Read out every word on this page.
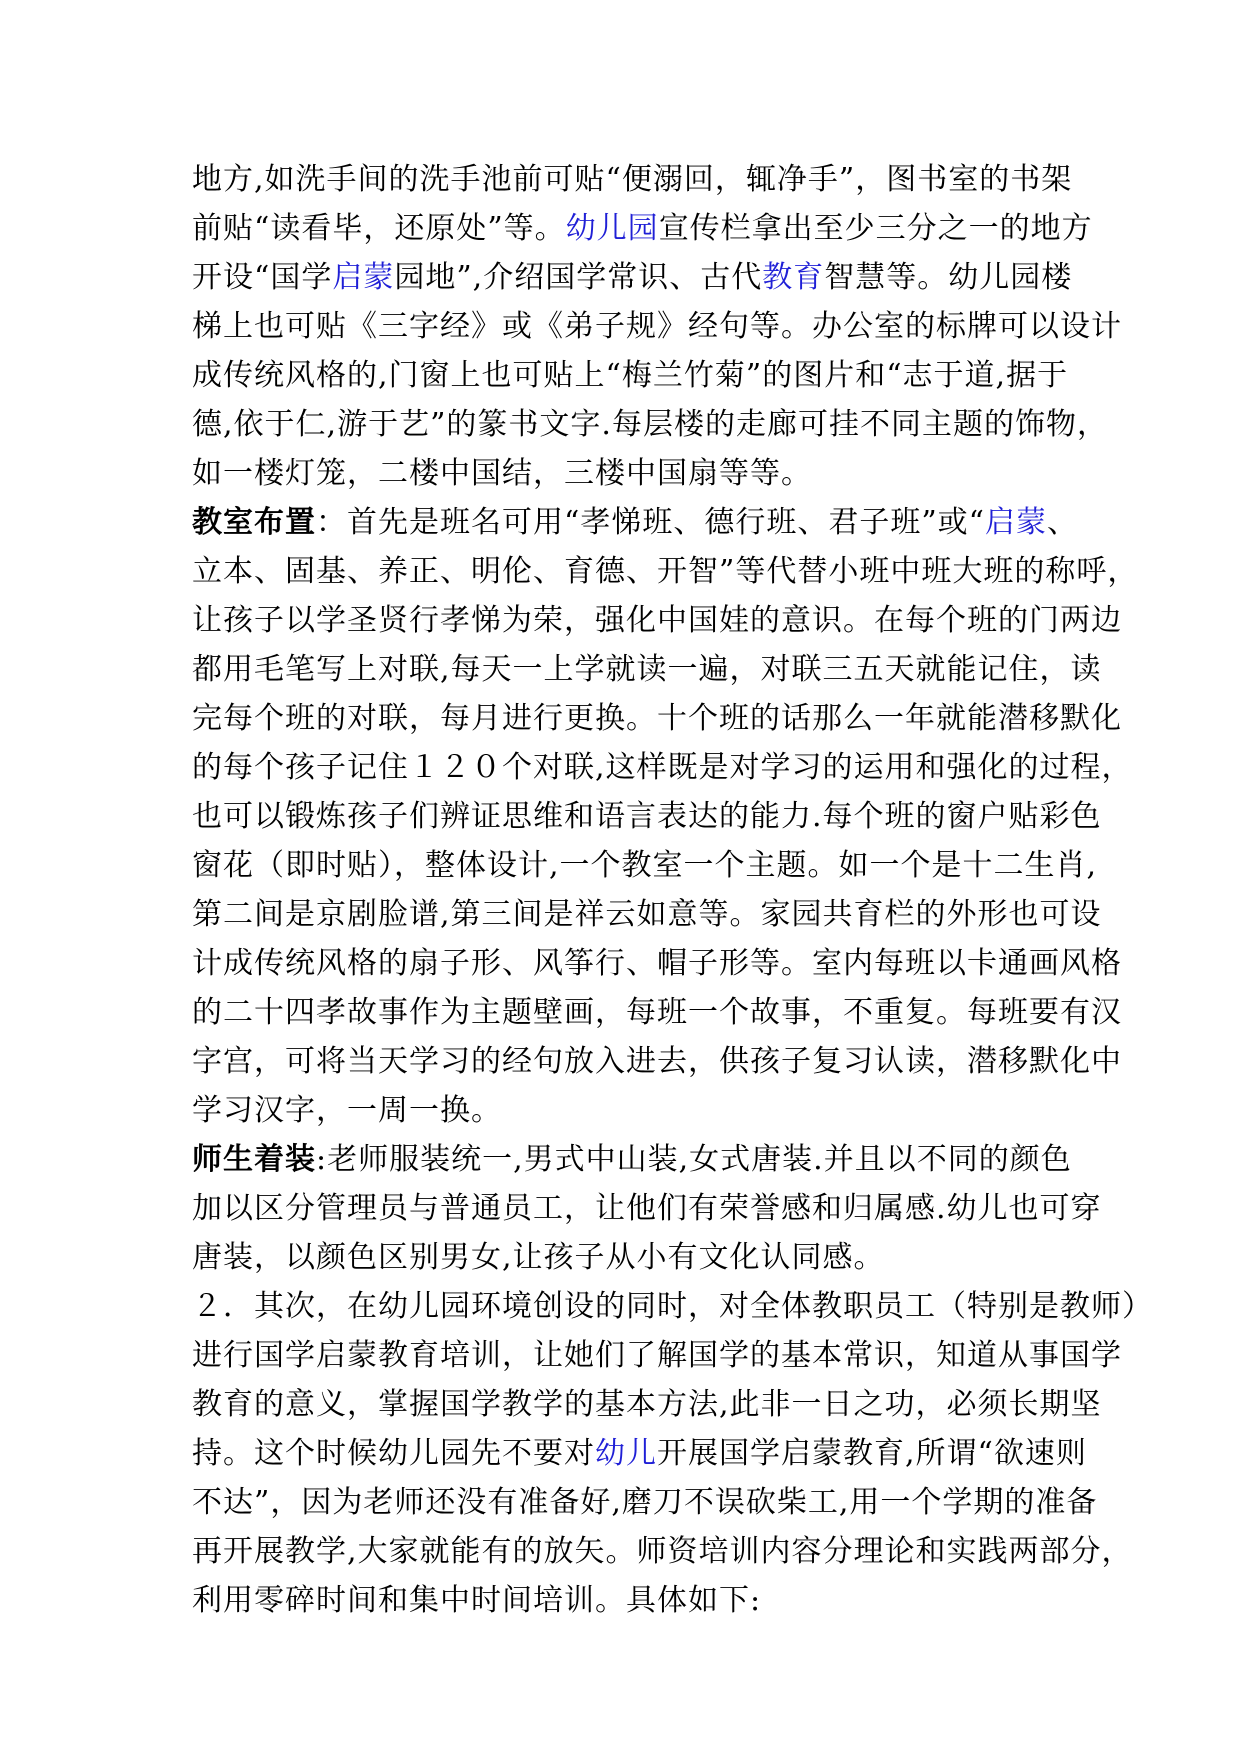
地方,如洗手间的洗手池前可贴“便溺回，辄净手”，图书室的书架
前贴“读看毕，还原处”等。幼儿园宣传栏拿出至少三分之一的地方
开设“国学启蒙园地”,介绍国学常识、古代教育智慧等。幼儿园楼
梯上也可贴《三字经》或《弟子规》经句等。办公室的标牌可以设计
成传统风格的,门窗上也可贴上“梅兰竹菊”的图片和“志于道,据于
德,依于仁,游于艺”的篆书文字.每层楼的走廊可挂不同主题的饰物，
如一楼灯笼，二楼中国结，三楼中国扇等等。
教室布置：首先是班名可用“孝悌班、德行班、君子班”或“启蒙、
立本、固基、养正、明伦、育德、开智”等代替小班中班大班的称呼，
让孩子以学圣贤行孝悌为荣，强化中国娃的意识。在每个班的门两边
都用毛笔写上对联,每天一上学就读一遍，对联三五天就能记住，读
完每个班的对联，每月进行更换。十个班的话那么一年就能潜移默化
的每个孩子记住１２０个对联,这样既是对学习的运用和强化的过程，
也可以锻炼孩子们辨证思维和语言表达的能力.每个班的窗户贴彩色
窗花（即时贴），整体设计,一个教室一个主题。如一个是十二生肖,
第二间是京剧脸谱,第三间是祥云如意等。家园共育栏的外形也可设
计成传统风格的扇子形、风筝行、帽子形等。室内每班以卡通画风格
的二十四孝故事作为主题壁画，每班一个故事，不重复。每班要有汉
字宫，可将当天学习的经句放入进去，供孩子复习认读，潜移默化中
学习汉字，一周一换。
师生着装:老师服装统一,男式中山装,女式唐装.并且以不同的颜色
加以区分管理员与普通员工，让他们有荣誉感和归属感.幼儿也可穿
唐装，以颜色区别男女,让孩子从小有文化认同感。
２．其次，在幼儿园环境创设的同时，对全体教职员工（特别是教师）
进行国学启蒙教育培训，让她们了解国学的基本常识，知道从事国学
教育的意义，掌握国学教学的基本方法,此非一日之功，必须长期坚
持。这个时候幼儿园先不要对幼儿开展国学启蒙教育,所谓“欲速则
不达”，因为老师还没有准备好,磨刀不误砍柴工,用一个学期的准备
再开展教学,大家就能有的放矢。师资培训内容分理论和实践两部分，
利用零碎时间和集中时间培训。具体如下:
